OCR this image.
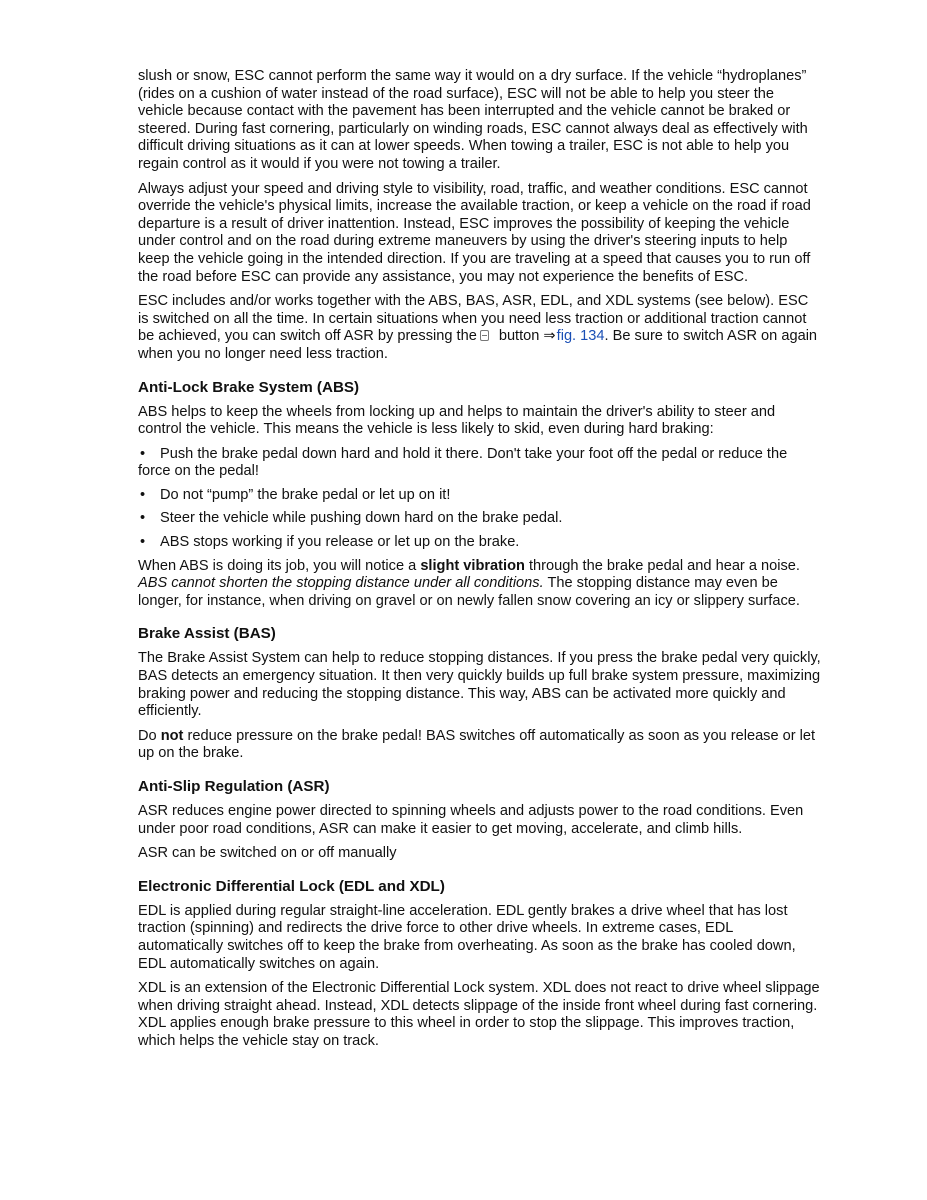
slush or snow, ESC cannot perform the same way it would on a dry surface. If the vehicle “hydroplanes” (rides on a cushion of water instead of the road surface), ESC will not be able to help you steer the vehicle because contact with the pavement has been interrupted and the vehicle cannot be braked or steered. During fast cornering, particularly on winding roads, ESC cannot always deal as effectively with difficult driving situations as it can at lower speeds. When towing a trailer, ESC is not able to help you regain control as it would if you were not towing a trailer.

Always adjust your speed and driving style to visibility, road, traffic, and weather conditions. ESC cannot override the vehicle's physical limits, increase the available traction, or keep a vehicle on the road if road departure is a result of driver inattention. Instead, ESC improves the possibility of keeping the vehicle under control and on the road during extreme maneuvers by using the driver's steering inputs to help keep the vehicle going in the intended direction. If you are traveling at a speed that causes you to run off the road before ESC can provide any assistance, you may not experience the benefits of ESC.

ESC includes and/or works together with the ABS, BAS, ASR, EDL, and XDL systems (see below). ESC is switched on all the time. In certain situations when you need less traction or additional traction cannot be achieved, you can switch off ASR by pressing the button ⇒fig. 134. Be sure to switch ASR on again when you no longer need less traction.

Anti-Lock Brake System (ABS)

ABS helps to keep the wheels from locking up and helps to maintain the driver's ability to steer and control the vehicle. This means the vehicle is less likely to skid, even during hard braking:

• Push the brake pedal down hard and hold it there. Don't take your foot off the pedal or reduce the force on the pedal!

• Do not “pump” the brake pedal or let up on it!

• Steer the vehicle while pushing down hard on the brake pedal.

• ABS stops working if you release or let up on the brake.

When ABS is doing its job, you will notice a slight vibration through the brake pedal and hear a noise. ABS cannot shorten the stopping distance under all conditions. The stopping distance may even be longer, for instance, when driving on gravel or on newly fallen snow covering an icy or slippery surface.

Brake Assist (BAS)

The Brake Assist System can help to reduce stopping distances. If you press the brake pedal very quickly, BAS detects an emergency situation. It then very quickly builds up full brake system pressure, maximizing braking power and reducing the stopping distance. This way, ABS can be activated more quickly and efficiently.

Do not reduce pressure on the brake pedal! BAS switches off automatically as soon as you release or let up on the brake.

Anti-Slip Regulation (ASR)

ASR reduces engine power directed to spinning wheels and adjusts power to the road conditions. Even under poor road conditions, ASR can make it easier to get moving, accelerate, and climb hills.

ASR can be switched on or off manually

Electronic Differential Lock (EDL and XDL)

EDL is applied during regular straight-line acceleration. EDL gently brakes a drive wheel that has lost traction (spinning) and redirects the drive force to other drive wheels. In extreme cases, EDL automatically switches off to keep the brake from overheating. As soon as the brake has cooled down, EDL automatically switches on again.

XDL is an extension of the Electronic Differential Lock system. XDL does not react to drive wheel slippage when driving straight ahead. Instead, XDL detects slippage of the inside front wheel during fast cornering. XDL applies enough brake pressure to this wheel in order to stop the slippage. This improves traction, which helps the vehicle stay on track.
